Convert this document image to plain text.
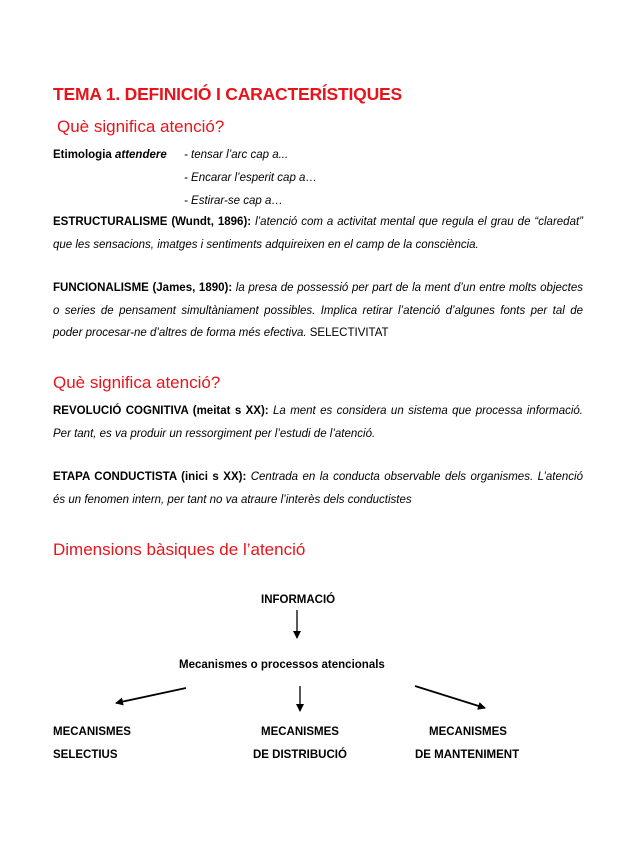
TEMA 1. DEFINICIÓ I CARACTERÍSTIQUES
Què significa atenció?
Etimologia attendere - tensar l’arc cap a...
- Encarar l’esperit cap a…
- Estirar-se cap a…
ESTRUCTURALISME (Wundt, 1896): l’atenció com a activitat mental que regula el grau de “claredat” que les sensacions, imatges i sentiments adquireixen en el camp de la consciència.
FUNCIONALISME (James, 1890): la presa de possessió per part de la ment d’un entre molts objectes o series de pensament simultàniament possibles. Implica retirar l’atenció d’algunes fonts per tal de poder procesar-ne d’altres de forma més efectiva. SELECTIVITAT
Què significa atenció?
REVOLUCIÓ COGNITIVA (meitat s XX): La ment es considera un sistema que processa informació. Per tant, es va produir un ressorgiment per l’estudi de l’atenció.
ETAPA CONDUCTISTA (inici s XX): Centrada en la conducta observable dels organismes. L’atenció és un fenomen intern, per tant no va atraure l’interès dels conductistes
Dimensions bàsiques de l’atenció
INFORMACIÓ
Mecanismes o processos atencionals
MECANISMES
SELECTIUS
MECANISMES
DE DISTRIBUCIÓ
MECANISMES
DE MANTENIMENT
